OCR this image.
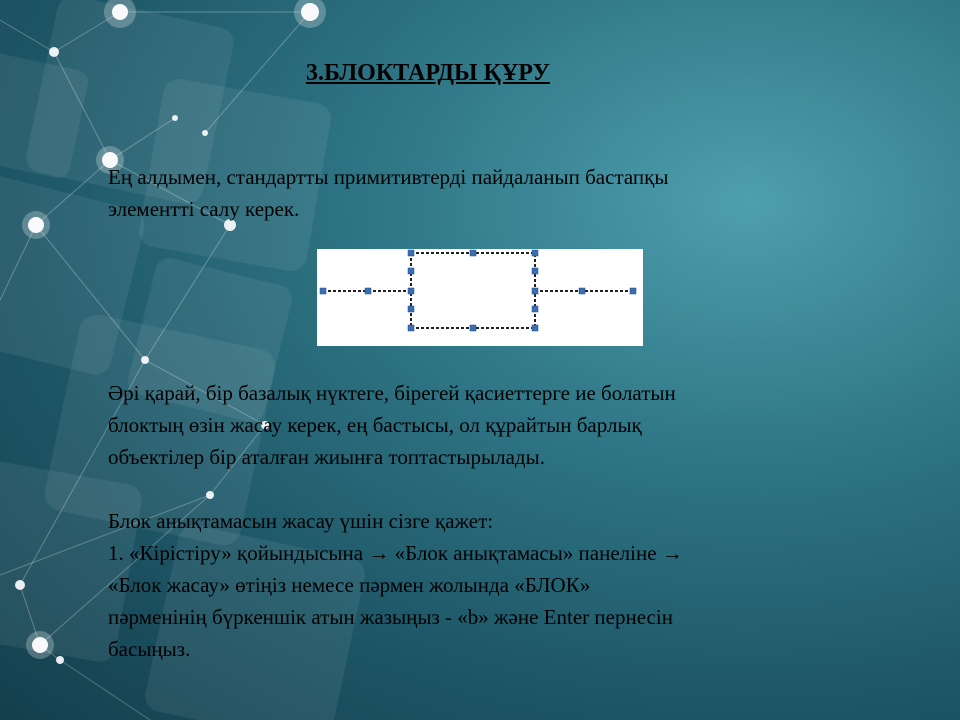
3.БЛОКТАРДЫ ҚҰРУ

Ең алдымен, стандартты примитивтерді пайдаланып бастапқы
элементті салу керек.

Әрі қарай, бір базалық нүктеге, бірегей қасиеттерге ие болатын
блоктың өзін жасау керек, ең бастысы, ол құрайтын барлық
объектілер бір аталған жиынға топтастырылады.

Блок анықтамасын жасау үшін сізге қажет:
1. «Кірістіру» қойындысына → «Блок анықтамасы» панеліне →
«Блок жасау» өтіңіз немесе пәрмен жолында «БЛОК»
пәрменінің бүркеншік атын жазыңыз - «b» және Enter пернесін
басыңыз.
